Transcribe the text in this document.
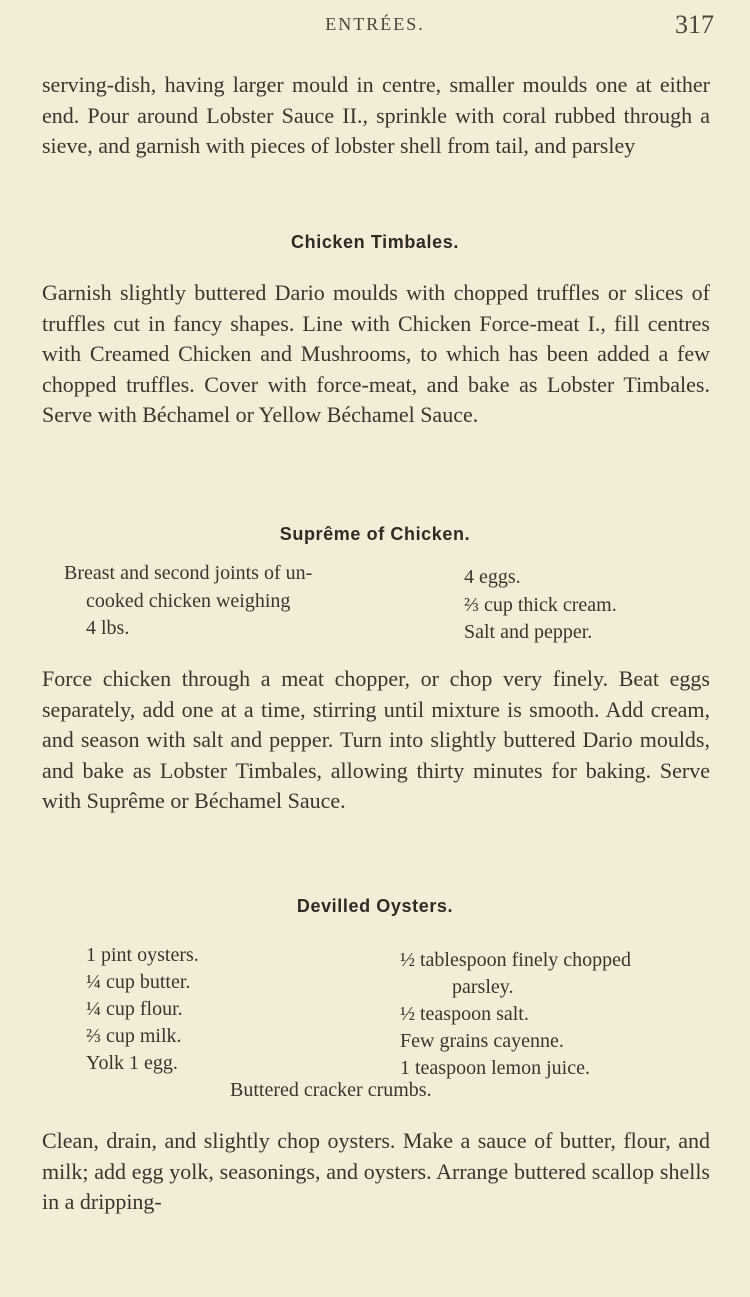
ENTRÉES.	317

serving-dish, having larger mould in centre, smaller moulds one at either end. Pour around Lobster Sauce II., sprinkle with coral rubbed through a sieve, and garnish with pieces of lobster shell from tail, and parsley

Chicken Timbales.

Garnish slightly buttered Dario moulds with chopped truffles or slices of truffles cut in fancy shapes. Line with Chicken Force-meat I., fill centres with Creamed Chicken and Mushrooms, to which has been added a few chopped truffles. Cover with force-meat, and bake as Lobster Timbales. Serve with Béchamel or Yellow Béchamel Sauce.

Suprême of Chicken.
Breast and second joints of un-
cooked chicken weighing
4 lbs.
4 eggs.
⅔ cup thick cream.
Salt and pepper.

Force chicken through a meat chopper, or chop very finely. Beat eggs separately, add one at a time, stirring until mixture is smooth. Add cream, and season with salt and pepper. Turn into slightly buttered Dario moulds, and bake as Lobster Timbales, allowing thirty minutes for baking. Serve with Suprême or Béchamel Sauce.

Devilled Oysters.
1 pint oysters.
¼ cup butter.
¼ cup flour.
⅔ cup milk.
Yolk 1 egg.
½ tablespoon finely chopped
parsley.
½ teaspoon salt.
Few grains cayenne.
1 teaspoon lemon juice.
Buttered cracker crumbs.

Clean, drain, and slightly chop oysters. Make a sauce of butter, flour, and milk; add egg yolk, seasonings, and oysters. Arrange buttered scallop shells in a dripping-
